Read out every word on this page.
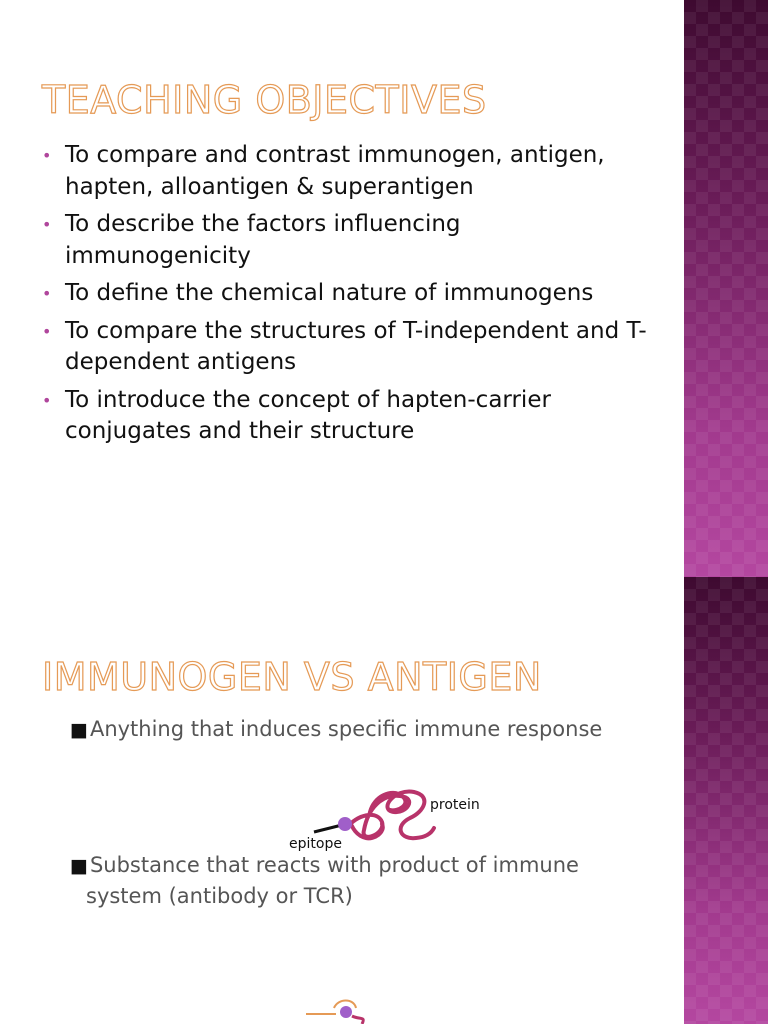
TEACHING OBJECTIVES
• To compare and contrast immunogen, antigen, hapten, alloantigen & superantigen
• To describe the factors influencing immunogenicity
• To define the chemical nature of immunogens
• To compare the structures of T-independent and T-dependent antigens
• To introduce the concept of hapten-carrier conjugates and their structure
IMMUNOGEN VS ANTIGEN
■Anything that induces specific immune response
protein
epitope
■Substance that reacts with product of immune
system (antibody or TCR)
